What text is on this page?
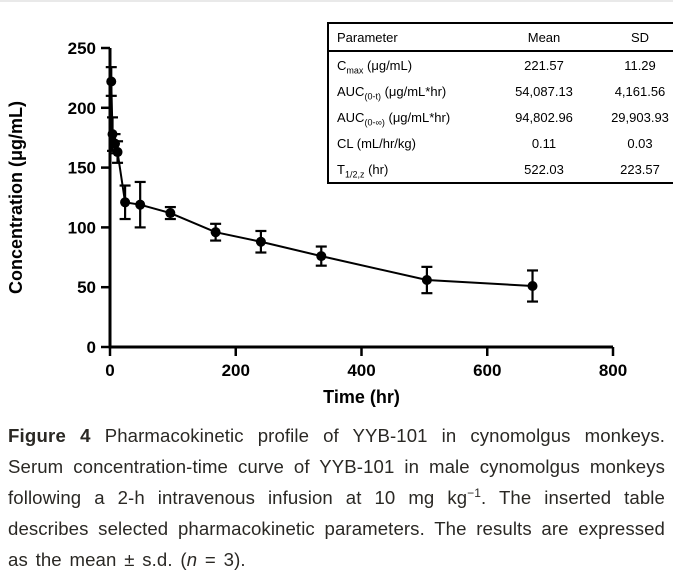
0
50
100
150
200
250
0	200	400	600	800
Time (hr)
Concentration (μg/mL)
Parameter	Mean	SD
$C_{max}$ (μg/mL)	221.57	11.29
$AUC_{(0-t)}$ (μg/mL*hr)	54,087.13	4,161.56
$AUC_{(0-\infty)}$ (μg/mL*hr)	94,802.96	29,903.93
CL (mL/hr/kg)	0.11	0.03
$T_{1/2,z}$ (hr)	522.03	223.57

Figure 4 Pharmacokinetic profile of YYB-101 in cynomolgus monkeys. Serum concentration-time curve of YYB-101 in male cynomolgus monkeys following a 2-h intravenous infusion at 10 mg $kg^{-1}$. The inserted table describes selected pharmacokinetic parameters. The results are expressed as the mean ± s.d. (n = 3).
